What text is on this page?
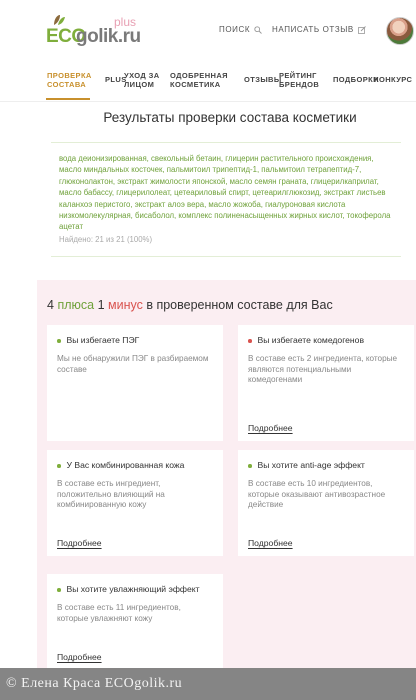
ECO
golik.ru
plus
ПОИСК	НАПИСАТЬ ОТЗЫВ
ПРОВЕРКА СОСТАВА
PLUS
УХОД ЗА ЛИЦОМ
ОДОБРЕННАЯ КОСМЕТИКА
ОТЗЫВЫ
РЕЙТИНГ БРЕНДОВ
ПОДБОРКИ
КОНКУРС
Результаты проверки состава косметики
вода деионизированная, свекольный бетаин, глицерин растительного происхождения, масло миндальных косточек, пальмитоил трипептид-1, пальмитоил тетрапептид-7, глюконолактон, экстракт жимолости японской, масло семян граната, глицерилкаприлат, масло бабассу, глицерилолеат, цетеариловый спирт, цетеарилглюкозид, экстракт листьев каланхоэ перистого, экстракт алоэ вера, масло жожоба, гиалуроновая кислота низкомолекулярная, бисаболол, комплекс полиненасыщенных жирных кислот, токоферола ацетат
Найдено: 21 из 21 (100%)
4 плюса 1 минус в проверенном составе для Вас
Вы избегаете ПЭГ
Мы не обнаружили ПЭГ в разбираемом составе
Вы избегаете комедогенов
В составе есть 2 ингредиента, которые являются потенциальными комедогенами
Подробнее
У Вас комбинированная кожа
В составе есть ингредиент, положительно влияющий на комбинированную кожу
Подробнее
Вы хотите anti-age эффект
В составе есть 10 ингредиентов, которые оказывают антивозрастное действие
Подробнее
Вы хотите увлажняющий эффект
В составе есть 11 ингредиентов, которые увлажняют кожу
Подробнее
© Елена Краса ECOgolik.ru
